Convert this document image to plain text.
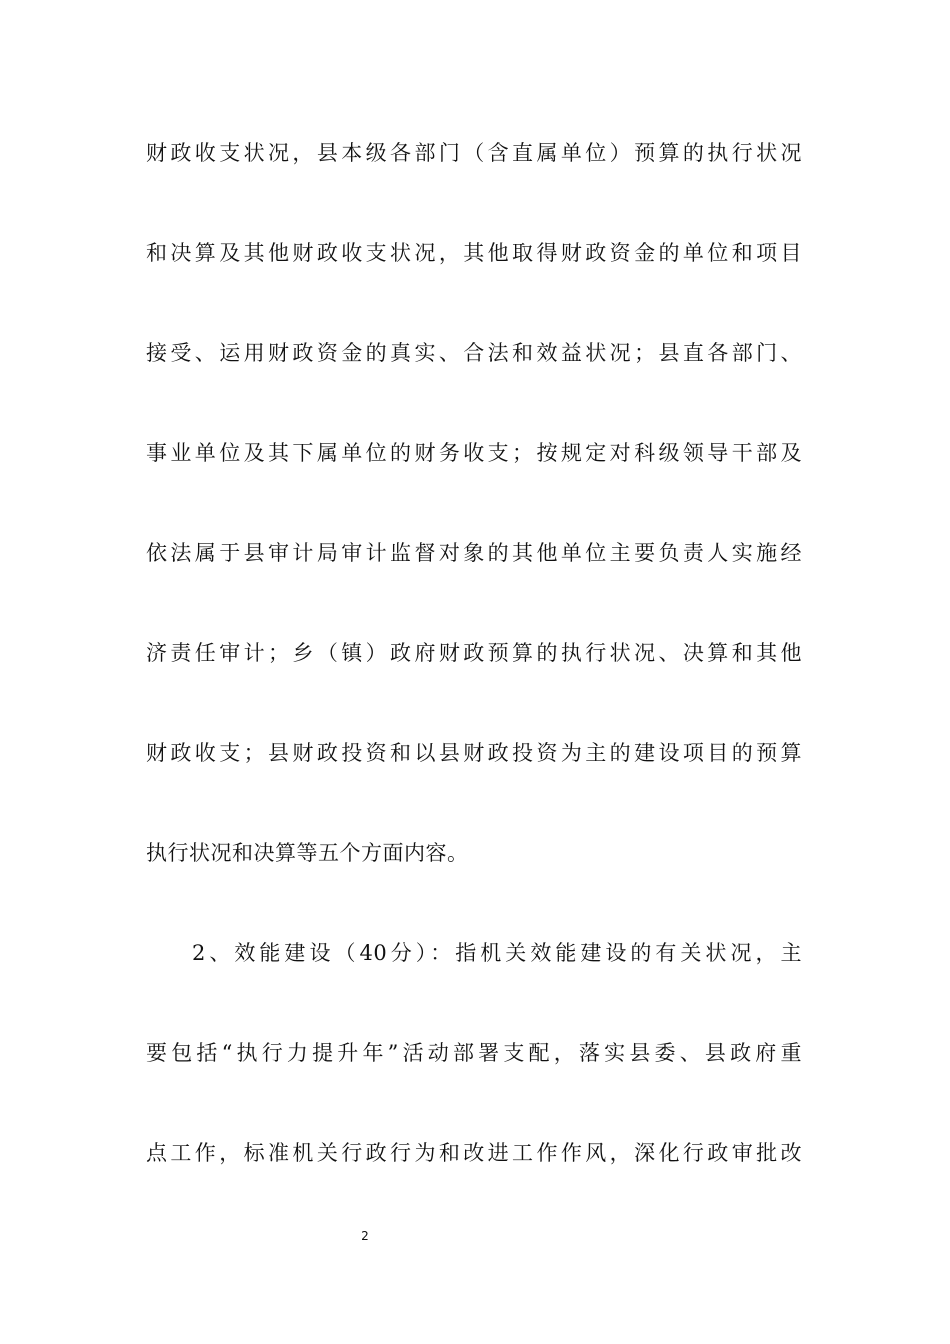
财政收支状况，县本级各部门（含直属单位）预算的执行状况
和决算及其他财政收支状况，其他取得财政资金的单位和项目
接受、运用财政资金的真实、合法和效益状况；县直各部门、
事业单位及其下属单位的财务收支；按规定对科级领导干部及
依法属于县审计局审计监督对象的其他单位主要负责人实施经
济责任审计；乡（镇）政府财政预算的执行状况、决算和其他
财政收支；县财政投资和以县财政投资为主的建设项目的预算
执行状况和决算等五个方面内容。
2、效能建设（40分）：指机关效能建设的有关状况，主
要包括“执行力提升年”活动部署支配，落实县委、县政府重
点工作，标准机关行政行为和改进工作作风，深化行政审批改
2
